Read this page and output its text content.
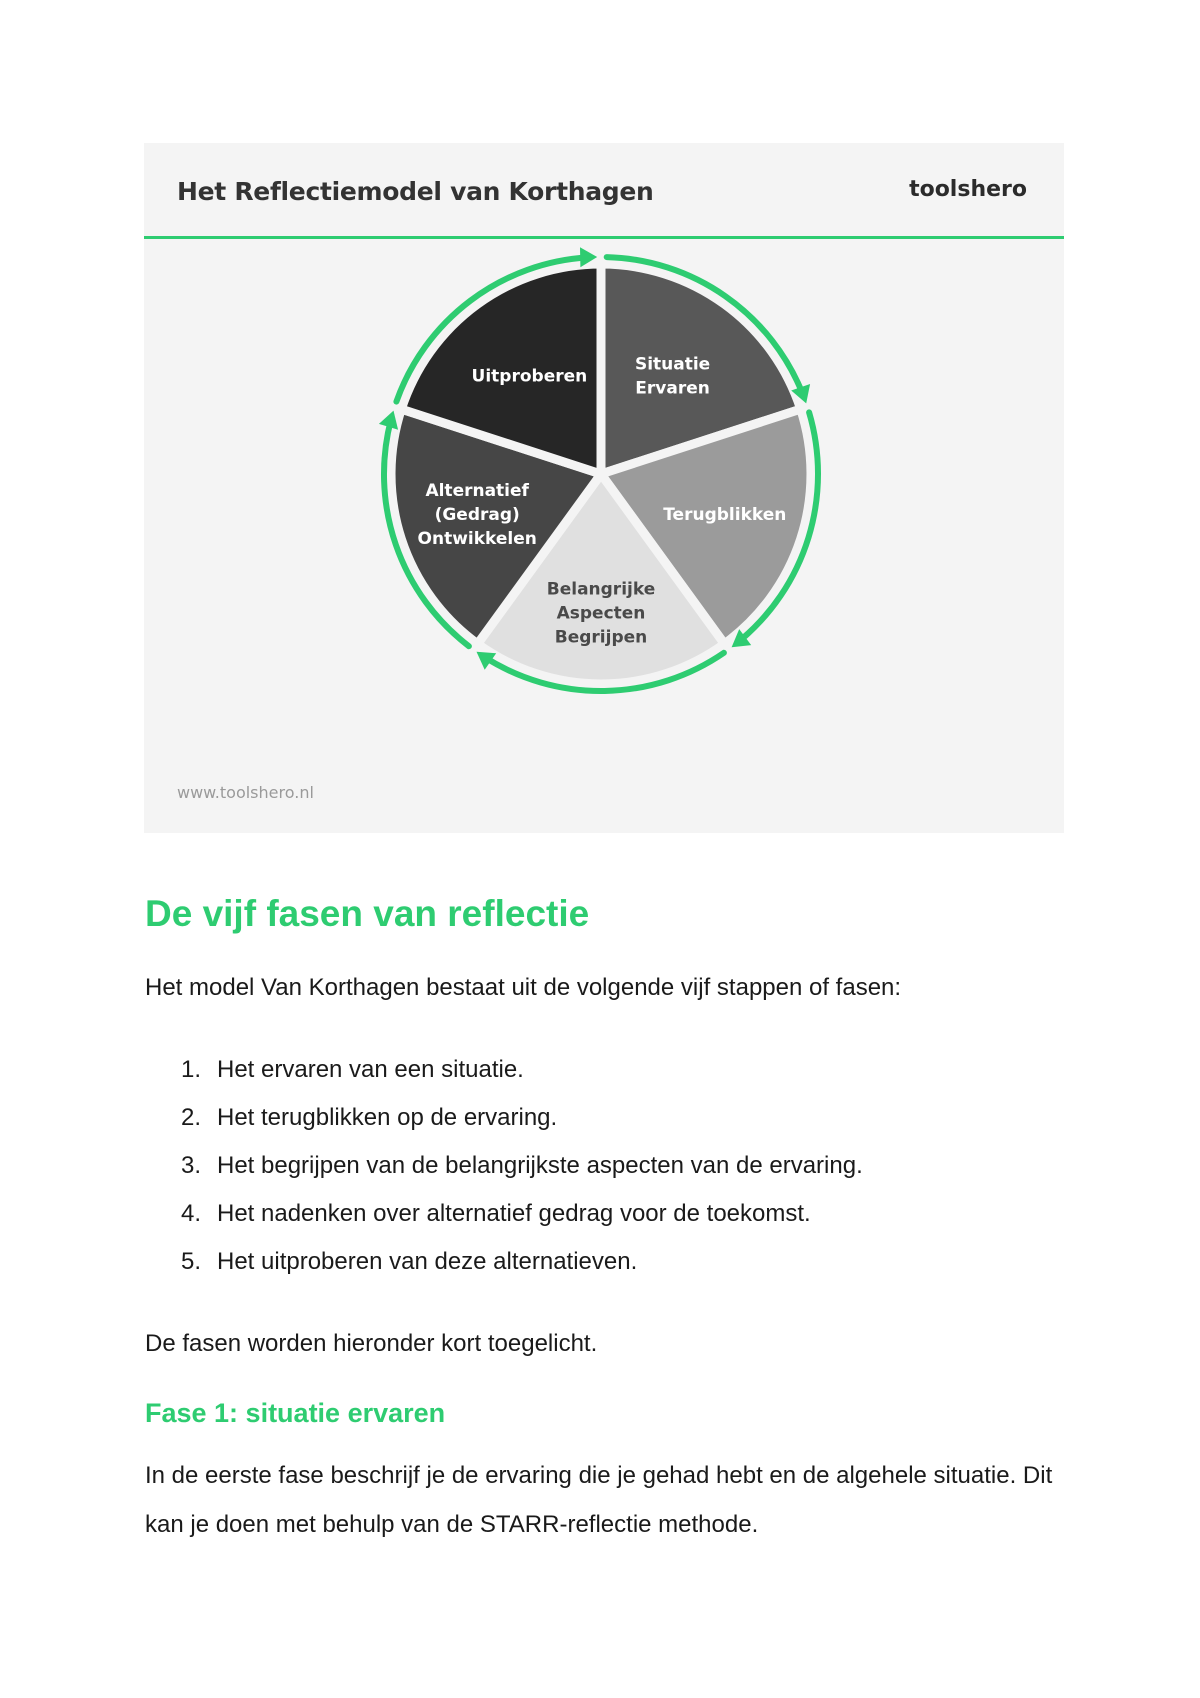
Het Reflectiemodel van Korthagen	toolshero
Situatie
Ervaren
Terugblikken
Belangrijke
Aspecten
Begrijpen
Alternatief
(Gedrag)
Ontwikkelen
Uitproberen
www.toolshero.nl
De vijf fasen van reflectie

Het model Van Korthagen bestaat uit de volgende vijf stappen of fasen:

1. Het ervaren van een situatie.
2. Het terugblikken op de ervaring.
3. Het begrijpen van de belangrijkste aspecten van de ervaring.
4. Het nadenken over alternatief gedrag voor de toekomst.
5. Het uitproberen van deze alternatieven.

De fasen worden hieronder kort toegelicht.

Fase 1: situatie ervaren

In de eerste fase beschrijf je de ervaring die je gehad hebt en de algehele situatie. Dit kan je doen met behulp van de STARR-reflectie methode.
